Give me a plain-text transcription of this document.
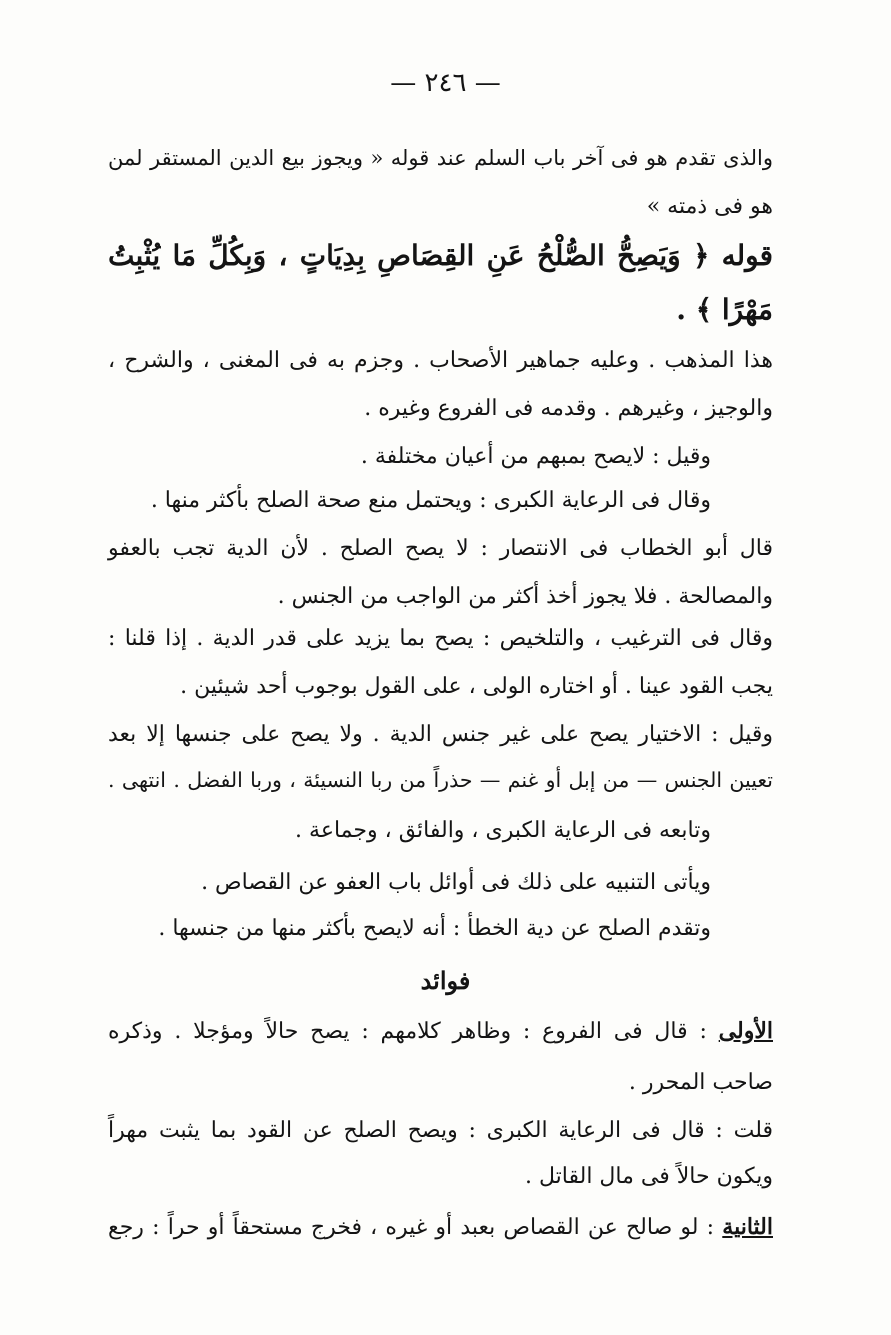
— ٢٤٦ —
والذى تقدم هو فى آخر باب السلم عند قوله « ويجوز بيع الدين المستقر لمن
هو فى ذمته »
قوله ﴿ وَيَصِحُّ الصُّلْحُ عَنِ القِصَاصِ بِدِيَاتٍ ، وَبِكُلِّ مَا يُثْبِتُ
مَهْرًا ﴾ .
هذا المذهب . وعليه جماهير الأصحاب . وجزم به فى المغنى ، والشرح ،
والوجيز ، وغيرهم . وقدمه فى الفروع وغيره .
وقيل : لايصح بمبهم من أعيان مختلفة .
وقال فى الرعاية الكبرى : ويحتمل منع صحة الصلح بأكثر منها .
قال أبو الخطاب فى الانتصار : لا يصح الصلح . لأن الدية تجب بالعفو
والمصالحة . فلا يجوز أخذ أكثر من الواجب من الجنس .
وقال فى الترغيب ، والتلخيص : يصح بما يزيد على قدر الدية . إذا قلنا :
يجب القود عينا . أو اختاره الولى ، على القول بوجوب أحد شيئين .
وقيل : الاختيار يصح على غير جنس الدية . ولا يصح على جنسها إلا بعد
تعيين الجنس — من إبل أو غنم — حذراً من ربا النسيئة ، وربا الفضل . انتهى .
وتابعه فى الرعاية الكبرى ، والفائق ، وجماعة .
ويأتى التنبيه على ذلك فى أوائل باب العفو عن القصاص .
وتقدم الصلح عن دية الخطأ : أنه لايصح بأكثر منها من جنسها .
فوائد
الأولى : قال فى الفروع : وظاهر كلامهم : يصح حالاً ومؤجلا . وذكره
صاحب المحرر .
قلت : قال فى الرعاية الكبرى : ويصح الصلح عن القود بما يثبت مهراً
ويكون حالاً فى مال القاتل .
الثانية : لو صالح عن القصاص بعبد أو غيره ، فخرج مستحقاً أو حراً : رجع
